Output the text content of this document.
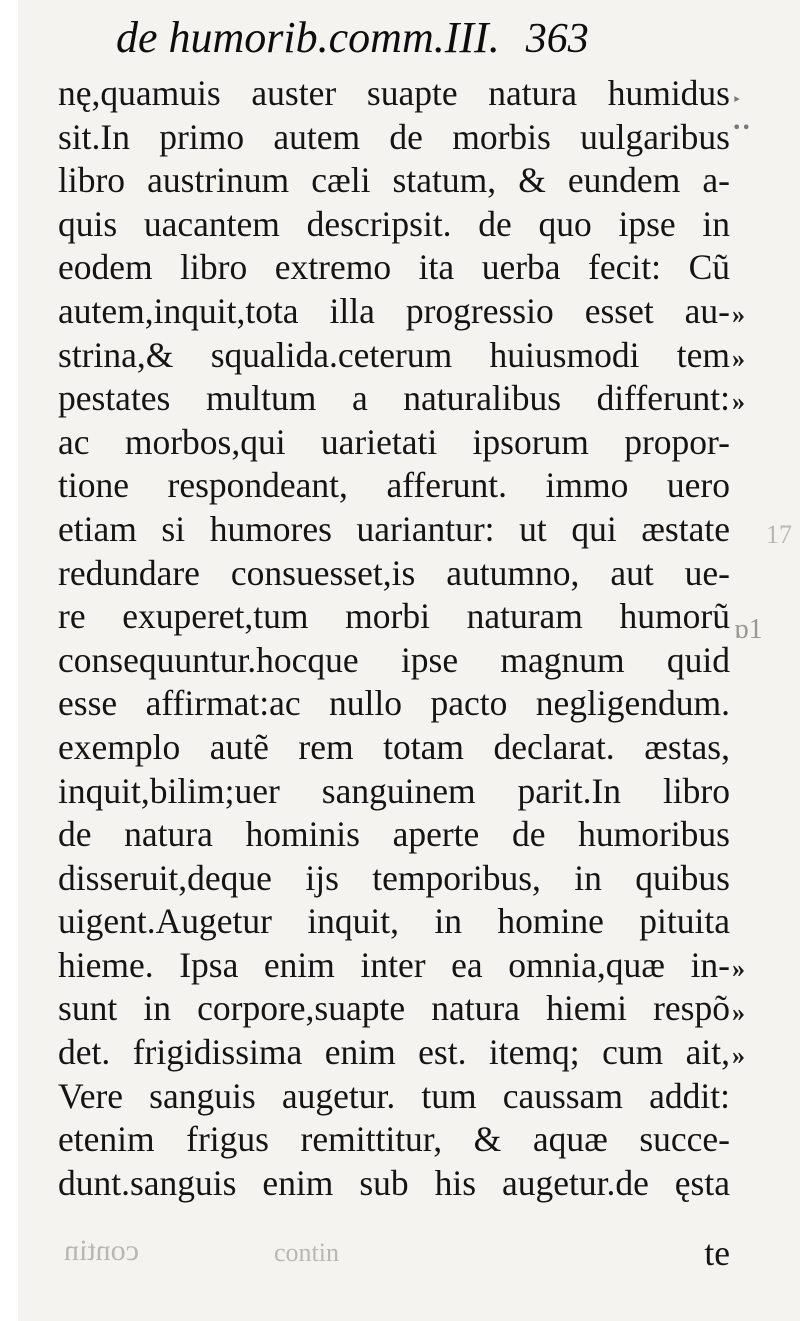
de humorib.comm.III. 363
‣
••
nę,quamuis auster suapte natura humidus
sit.In primo autem de morbis uulgaribus
libro austrinum cæli statum, & eundem a-
quis uacantem descripsit. de quo ipse in
eodem libro extremo ita uerba fecit: Cũ
autem,inquit,tota illa progressio esset au-
strina,& squalida.ceterum huiusmodi tem
pestates multum a naturalibus differunt:
ac morbos,qui uarietati ipsorum propor-
tione respondeant, afferunt. immo uero
etiam si humores uariantur: ut qui æstate
redundare consuesset,is autumno, aut ue-
re exuperet,tum morbi naturam humorũ
consequuntur.hocque ipse magnum quid
esse affirmat:ac nullo pacto negligendum.
exemplo autẽ rem totam declarat. æstas,
inquit,bilim;uer sanguinem parit.In libro
de natura hominis aperte de humoribus
disseruit,deque ijs temporibus, in quibus
uigent.Augetur inquit, in homine pituita
hieme. Ipsa enim inter ea omnia,quæ in-
sunt in corpore,suapte natura hiemi respõ
det. frigidissima enim est. itemq; cum ait,
Vere sanguis augetur. tum caussam addit:
etenim frigus remittitur, & aquæ succe-
dunt.sanguis enim sub his augetur.de ęsta
te
»
»
»
»
»
»
contin	contin
17
ɒ1
